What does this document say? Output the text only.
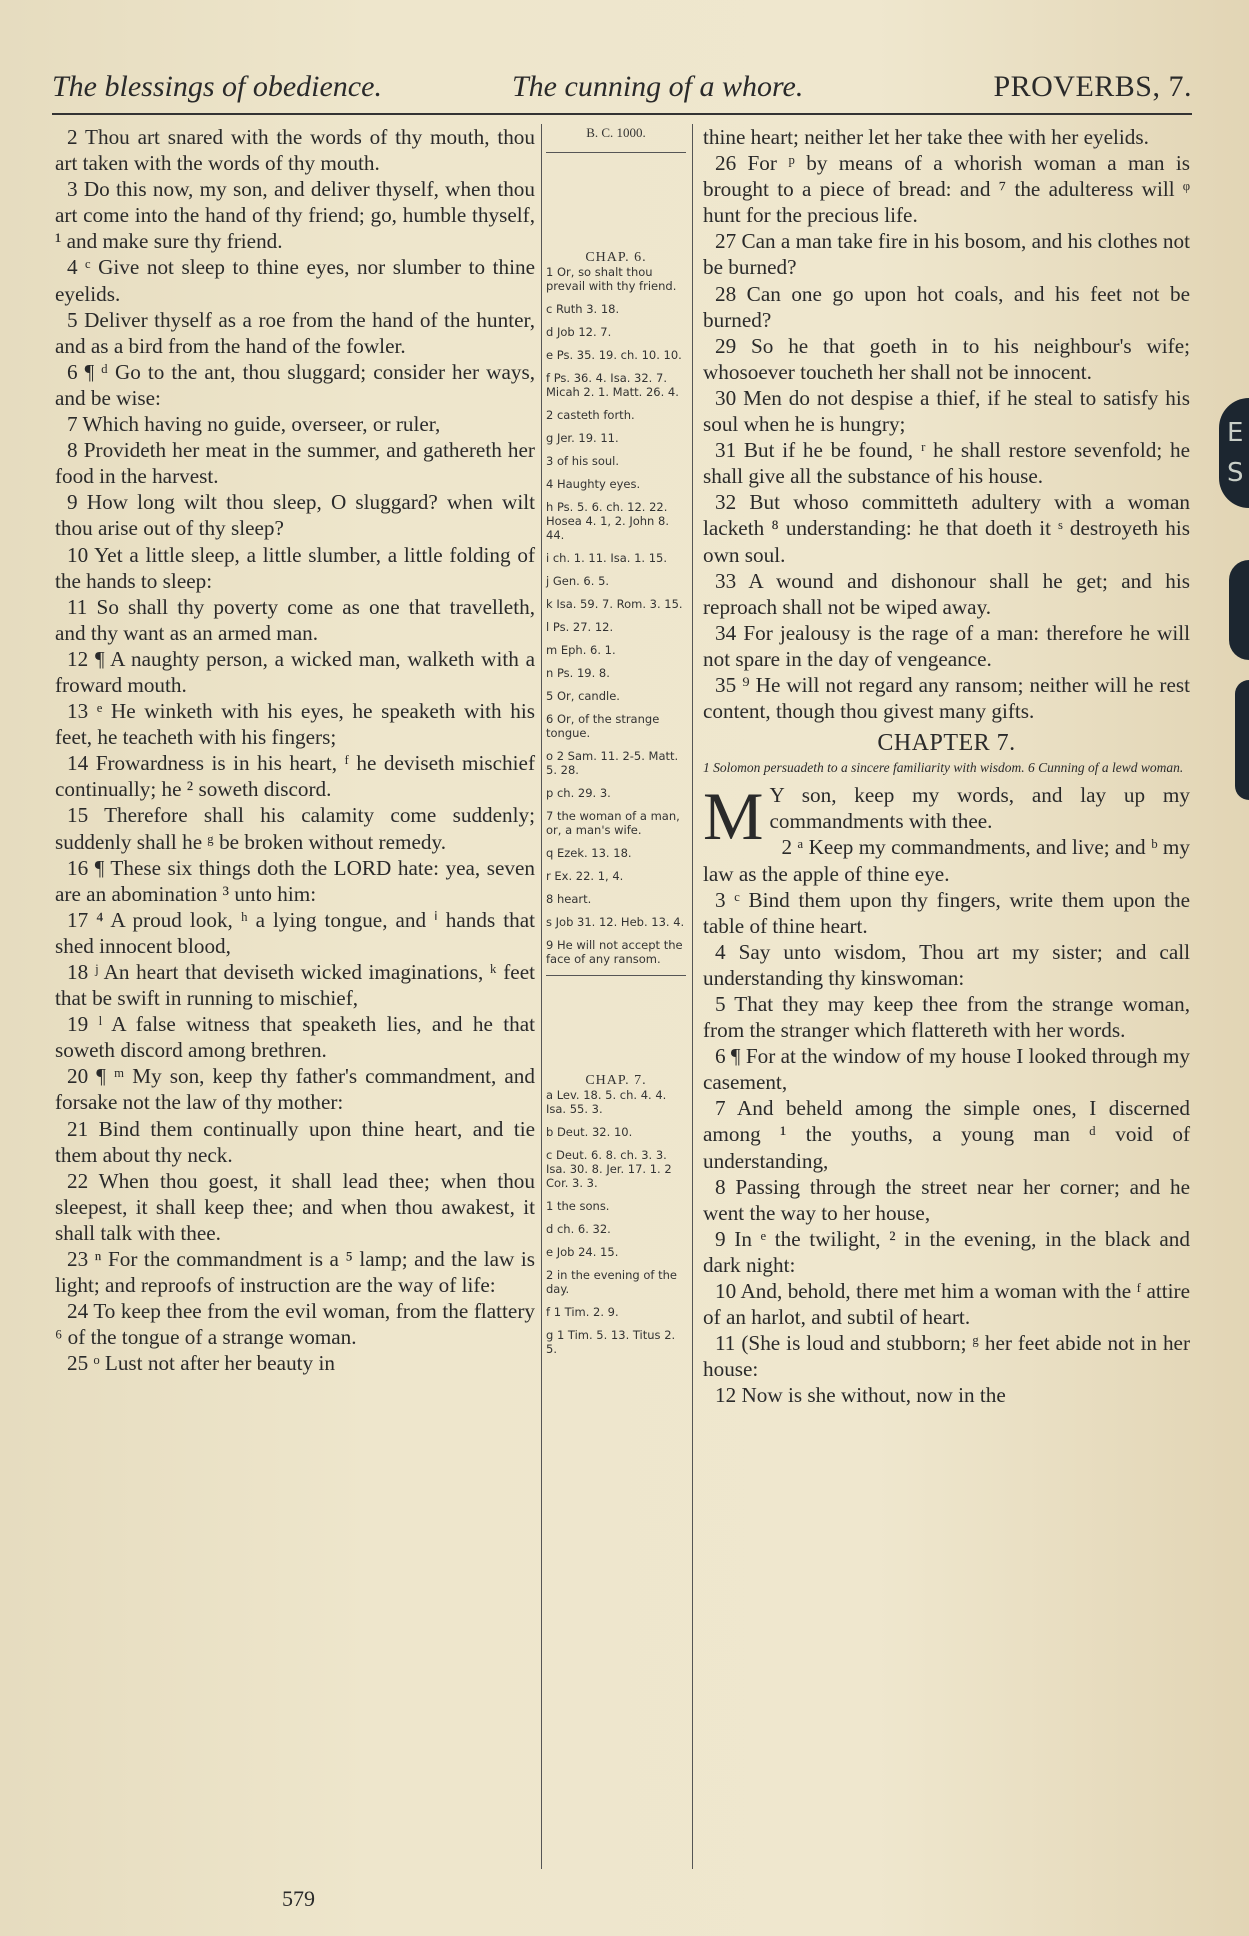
The blessings of obedience.	The cunning of a whore.	PROVERBS, 7.

2 Thou art snared with the words of thy mouth, thou art taken with the words of thy mouth.

3 Do this now, my son, and deliver thyself, when thou art come into the hand of thy friend; go, humble thyself, ¹ and make sure thy friend.

4 ᶜ Give not sleep to thine eyes, nor slumber to thine eyelids.

5 Deliver thyself as a roe from the hand of the hunter, and as a bird from the hand of the fowler.

6 ¶ ᵈ Go to the ant, thou sluggard; consider her ways, and be wise:

7 Which having no guide, overseer, or ruler,

8 Provideth her meat in the summer, and gathereth her food in the harvest.

9 How long wilt thou sleep, O sluggard? when wilt thou arise out of thy sleep?

10 Yet a little sleep, a little slumber, a little folding of the hands to sleep:

11 So shall thy poverty come as one that travelleth, and thy want as an armed man.

12 ¶ A naughty person, a wicked man, walketh with a froward mouth.

13 ᵉ He winketh with his eyes, he speaketh with his feet, he teacheth with his fingers;

14 Frowardness is in his heart, ᶠ he deviseth mischief continually; he ² soweth discord.

15 Therefore shall his calamity come suddenly; suddenly shall he ᵍ be broken without remedy.

16 ¶ These six things doth the LORD hate: yea, seven are an abomination ³ unto him:

17 ⁴ A proud look, ʰ a lying tongue, and ⁱ hands that shed innocent blood,

18 ʲ An heart that deviseth wicked imaginations, ᵏ feet that be swift in running to mischief,

19 ˡ A false witness that speaketh lies, and he that soweth discord among brethren.

20 ¶ ᵐ My son, keep thy father's commandment, and forsake not the law of thy mother:

21 Bind them continually upon thine heart, and tie them about thy neck.

22 When thou goest, it shall lead thee; when thou sleepest, it shall keep thee; and when thou awakest, it shall talk with thee.

23 ⁿ For the commandment is a ⁵ lamp; and the law is light; and reproofs of instruction are the way of life:

24 To keep thee from the evil woman, from the flattery ⁶ of the tongue of a strange woman.

25 ᵒ Lust not after her beauty in

B. C. 1000.
CHAP. 6.
1 Or, so shalt thou prevail with thy friend.
c Ruth 3. 18.
d Job 12. 7.
e Ps. 35. 19. ch. 10. 10.
f Ps. 36. 4. Isa. 32. 7. Micah 2. 1. Matt. 26. 4.
2 casteth forth.
g Jer. 19. 11.
3 of his soul.
4 Haughty eyes.
h Ps. 5. 6. ch. 12. 22. Hosea 4. 1, 2. John 8. 44.
i ch. 1. 11. Isa. 1. 15.
j Gen. 6. 5.
k Isa. 59. 7. Rom. 3. 15.
l Ps. 27. 12.
m Eph. 6. 1.
n Ps. 19. 8.
5 Or, candle.
6 Or, of the strange tongue.
o 2 Sam. 11. 2-5. Matt. 5. 28.
p ch. 29. 3.
7 the woman of a man, or, a man's wife.
q Ezek. 13. 18.
r Ex. 22. 1, 4.
8 heart.
s Job 31. 12. Heb. 13. 4.
9 He will not accept the face of any ransom.
CHAP. 7.
a Lev. 18. 5. ch. 4. 4. Isa. 55. 3.
b Deut. 32. 10.
c Deut. 6. 8. ch. 3. 3. Isa. 30. 8. Jer. 17. 1. 2 Cor. 3. 3.
1 the sons.
d ch. 6. 32.
e Job 24. 15.
2 in the evening of the day.
f 1 Tim. 2. 9.
g 1 Tim. 5. 13. Titus 2. 5.

thine heart; neither let her take thee with her eyelids.

26 For ᵖ by means of a whorish woman a man is brought to a piece of bread: and ⁷ the adulteress will ᵠ hunt for the precious life.

27 Can a man take fire in his bosom, and his clothes not be burned?

28 Can one go upon hot coals, and his feet not be burned?

29 So he that goeth in to his neighbour's wife; whosoever toucheth her shall not be innocent.

30 Men do not despise a thief, if he steal to satisfy his soul when he is hungry;

31 But if he be found, ʳ he shall restore sevenfold; he shall give all the substance of his house.

32 But whoso committeth adultery with a woman lacketh ⁸ understanding: he that doeth it ˢ destroyeth his own soul.

33 A wound and dishonour shall he get; and his reproach shall not be wiped away.

34 For jealousy is the rage of a man: therefore he will not spare in the day of vengeance.

35 ⁹ He will not regard any ransom; neither will he rest content, though thou givest many gifts.

CHAPTER 7.
1 Solomon persuadeth to a sincere familiarity with wisdom. 6 Cunning of a lewd woman.

M Y son, keep my words, and lay up my commandments with thee.

2 ᵃ Keep my commandments, and live; and ᵇ my law as the apple of thine eye.

3 ᶜ Bind them upon thy fingers, write them upon the table of thine heart.

4 Say unto wisdom, Thou art my sister; and call understanding thy kinswoman:

5 That they may keep thee from the strange woman, from the stranger which flattereth with her words.

6 ¶ For at the window of my house I looked through my casement,

7 And beheld among the simple ones, I discerned among ¹ the youths, a young man ᵈ void of understanding,

8 Passing through the street near her corner; and he went the way to her house,

9 In ᵉ the twilight, ² in the evening, in the black and dark night:

10 And, behold, there met him a woman with the ᶠ attire of an harlot, and subtil of heart.

11 (She is loud and stubborn; ᵍ her feet abide not in her house:

12 Now is she without, now in the

579
E
S
